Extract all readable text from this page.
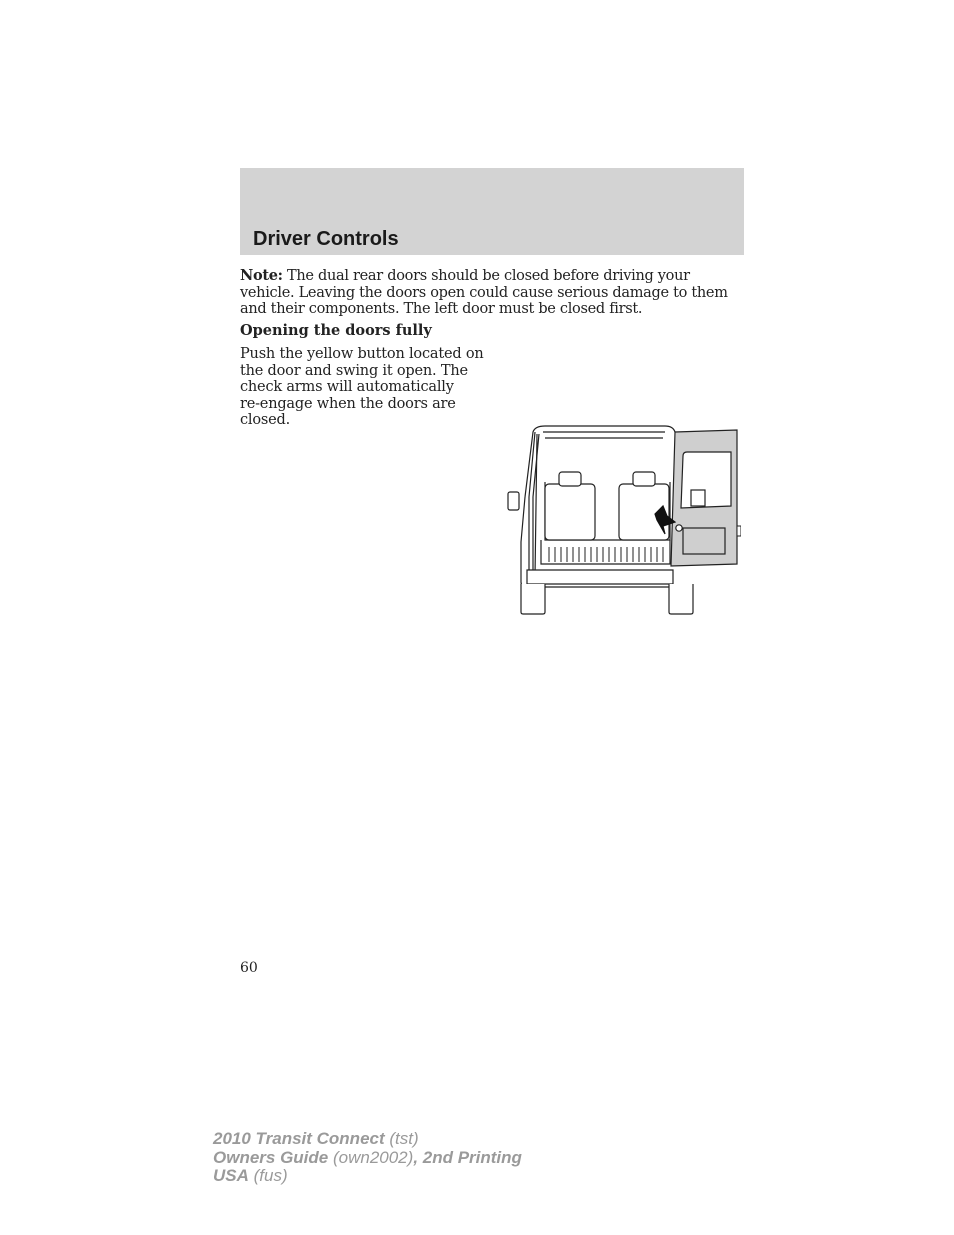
Driver Controls

Note: The dual rear doors should be closed before driving your vehicle. Leaving the doors open could cause serious damage to them and their components. The left door must be closed first.

Opening the doors fully

Push the yellow button located on
the door and swing it open. The
check arms will automatically
re-engage when the doors are
closed.

60

2010 Transit Connect (tst)
Owners Guide (own2002), 2nd Printing
USA (fus)
